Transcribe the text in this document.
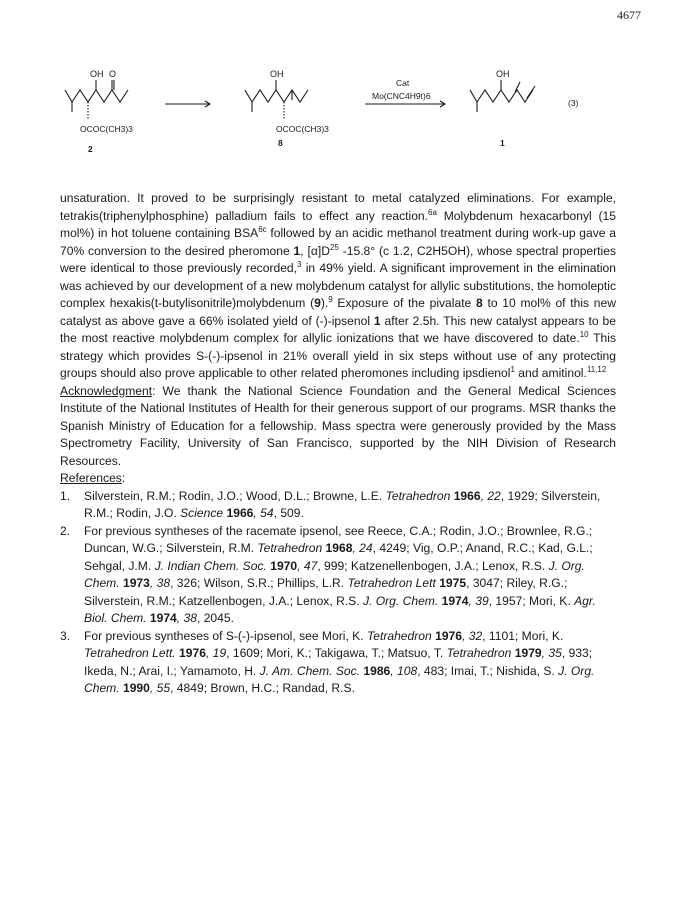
4677
OH O
OCOC(CH3)3
2
OH
OCOC(CH3)3
8
Cat
Mo(CNC4H9t)6
OH
1
(3)

unsaturation. It proved to be surprisingly resistant to metal catalyzed eliminations. For example, tetrakis(triphenylphosphine) palladium fails to effect any reaction.$^{6a}$ Molybdenum hexacarbonyl (15 mol%) in hot toluene containing $BSA^{6c}$ followed by an acidic methanol treatment during work-up gave a 70% conversion to the desired pheromone 1, $[\alpha]D^{25}$ -15.8° (c 1.2, C2H5OH), whose spectral properties were identical to those previously recorded,$^3$ in 49% yield. A significant improvement in the elimination was achieved by our development of a new molybdenum catalyst for allylic substitutions, the homoleptic complex hexakis(t-butylisonitrile)molybdenum (9).$^9$ Exposure of the pivalate 8 to 10 mol% of this new catalyst as above gave a 66% isolated yield of (-)-ipsenol 1 after 2.5h. This new catalyst appears to be the most reactive molybdenum complex for allylic ionizations that we have discovered to date.$^{10}$ This strategy which provides S-(-)-ipsenol in 21% overall yield in six steps without use of any protecting groups should also prove applicable to other related pheromones including ipsdienol$^1$ and amitinol.$^{11,12}$

Acknowledgment: We thank the National Science Foundation and the General Medical Sciences Institute of the National Institutes of Health for their generous support of our programs. MSR thanks the Spanish Ministry of Education for a fellowship. Mass spectra were generously provided by the Mass Spectrometry Facility, University of San Francisco, supported by the NIH Division of Research Resources.

References:

1.	Silverstein, R.M.; Rodin, J.O.; Wood, D.L.; Browne, L.E. Tetrahedron 1966, 22, 1929; Silverstein, R.M.; Rodin, J.O. Science 1966, 54, 509.
2.	For previous syntheses of the racemate ipsenol, see Reece, C.A.; Rodin, J.O.; Brownlee, R.G.; Duncan, W.G.; Silverstein, R.M. Tetrahedron 1968, 24, 4249; Vig, O.P.; Anand, R.C.; Kad, G.L.; Sehgal, J.M. J. Indian Chem. Soc. 1970, 47, 999; Katzenellenbogen, J.A.; Lenox, R.S. J. Org. Chem. 1973, 38, 326; Wilson, S.R.; Phillips, L.R. Tetrahedron Lett 1975, 3047; Riley, R.G.; Silverstein, R.M.; Katzellenbogen, J.A.; Lenox, R.S. J. Org. Chem. 1974, 39, 1957; Mori, K. Agr. Biol. Chem. 1974, 38, 2045.
3.	For previous syntheses of S-(-)-ipsenol, see Mori, K. Tetrahedron 1976, 32, 1101; Mori, K. Tetrahedron Lett. 1976, 19, 1609; Mori, K.; Takigawa, T.; Matsuo, T. Tetrahedron 1979, 35, 933; Ikeda, N.; Arai, I.; Yamamoto, H. J. Am. Chem. Soc. 1986, 108, 483; Imai, T.; Nishida, S. J. Org. Chem. 1990, 55, 4849; Brown, H.C.; Randad, R.S.
